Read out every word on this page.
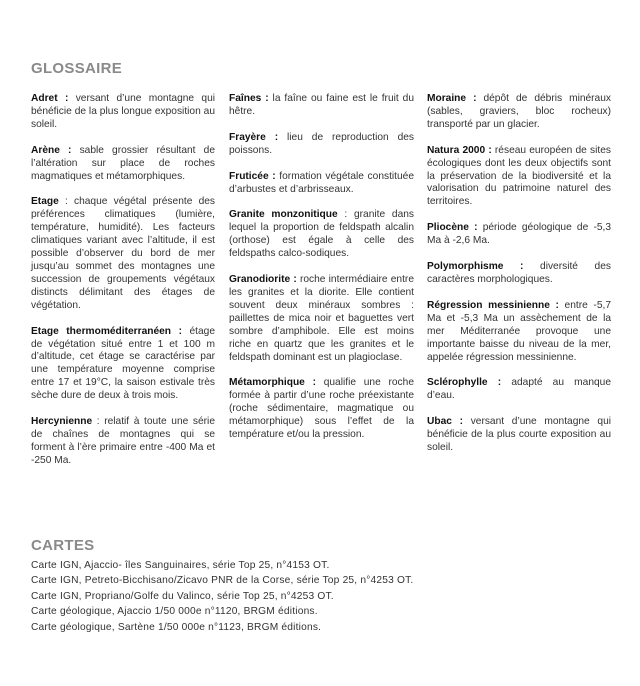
GLOSSAIRE

Adret : versant d’une montagne qui bénéficie de la plus longue exposition au soleil.

Arène : sable grossier résultant de l’altération sur place de roches magmatiques et métamorphiques.

Etage : chaque végétal présente des préférences climatiques (lumière, température, humidité). Les facteurs climatiques variant avec l’altitude, il est possible d’observer du bord de mer jusqu’au sommet des montagnes une succession de groupements végétaux distincts délimitant des étages de végétation.

Etage thermoméditerranéen : étage de végétation situé entre 1 et 100 m d’altitude, cet étage se caractérise par une température moyenne comprise entre 17 et 19°C, la saison estivale très sèche dure de deux à trois mois.

Hercynienne : relatif à toute une série de chaînes de montagnes qui se forment à l’ère primaire entre -400 Ma et -250 Ma.

Faînes : la faîne ou faine est le fruit du hêtre.

Frayère : lieu de reproduction des poissons.

Fruticée : formation végétale constituée d’arbustes et d’arbrisseaux.

Granite monzonitique : granite dans lequel la proportion de feldspath alcalin (orthose) est égale à celle des feldspaths calco-sodiques.

Granodiorite : roche intermédiaire entre les granites et la diorite. Elle contient souvent deux minéraux sombres : paillettes de mica noir et baguettes vert sombre d’amphibole. Elle est moins riche en quartz que les granites et le feldspath dominant est un plagioclase.

Métamorphique : qualifie une roche formée à partir d’une roche préexistante (roche sédimentaire, magmatique ou métamorphique) sous l’effet de la température et/ou la pression.

Moraine : dépôt de débris minéraux (sables, graviers, bloc rocheux) transporté par un glacier.

Natura 2000 : réseau européen de sites écologiques dont les deux objectifs sont la préservation de la biodiversité et la valorisation du patrimoine naturel des territoires.

Pliocène : période géologique de -5,3 Ma à -2,6 Ma.

Polymorphisme : diversité des caractères morphologiques.

Régression messinienne : entre -5,7 Ma et -5,3 Ma un assèchement de la mer Méditerranée provoque une importante baisse du niveau de la mer, appelée régression messinienne.

Sclérophylle : adapté au manque d’eau.

Ubac : versant d’une montagne qui bénéficie de la plus courte exposition au soleil.

CARTES
Carte IGN, Ajaccio- îles Sanguinaires, série Top 25, n°4153 OT.
Carte IGN, Petreto-Bicchisano/Zicavo PNR de la Corse, série Top 25, n°4253 OT.
Carte IGN, Propriano/Golfe du Valinco, série Top 25, n°4253 OT.
Carte géologique, Ajaccio 1/50 000e n°1120, BRGM éditions.
Carte géologique, Sartène 1/50 000e n°1123, BRGM éditions.
